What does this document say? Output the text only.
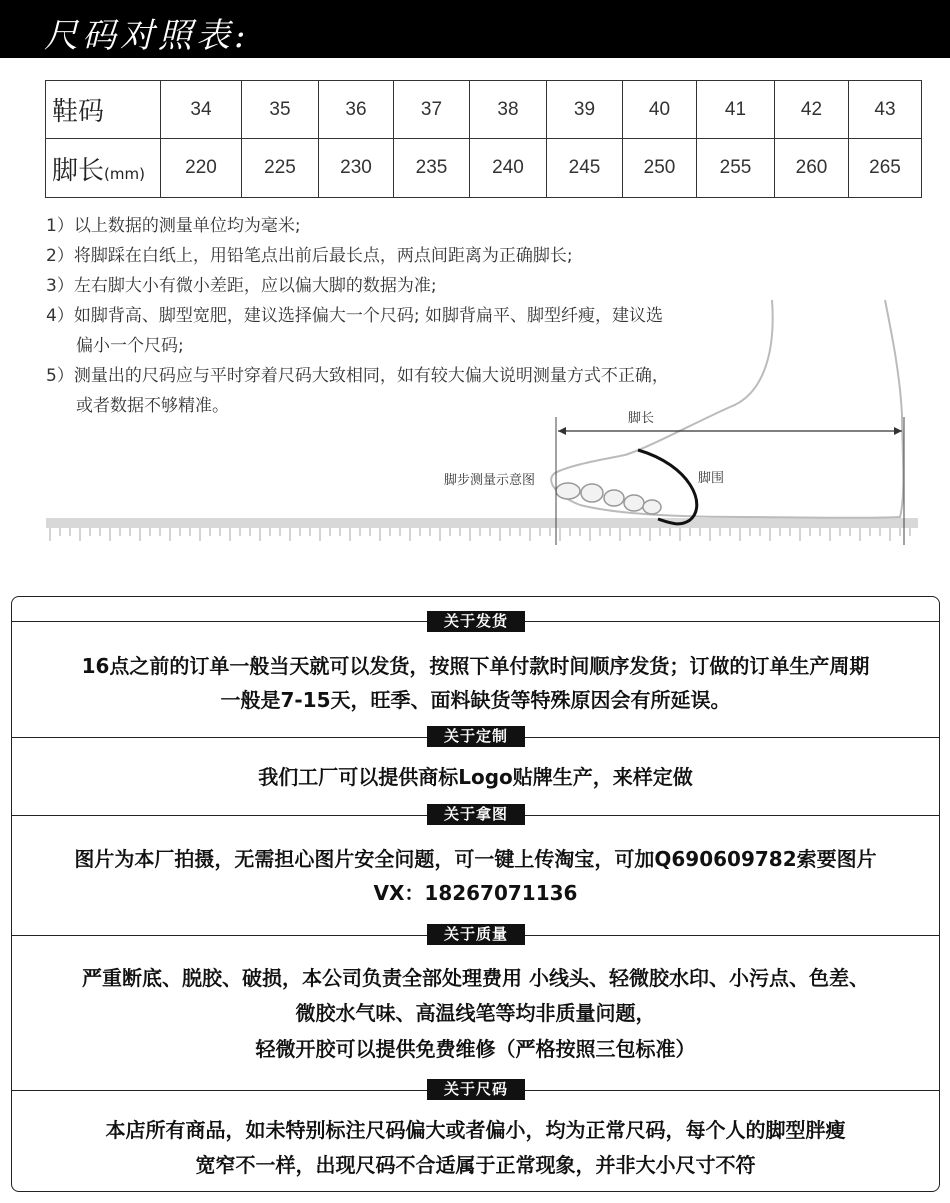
尺码对照表:
鞋码	34	35	36	37	38	39	40	41	42	43
脚长(mm)	220	225	230	235	240	245	250	255	260	265
1）以上数据的测量单位均为毫米;
2）将脚踩在白纸上，用铅笔点出前后最长点，两点间距离为正确脚长;
3）左右脚大小有微小差距，应以偏大脚的数据为准;
4）如脚背高、脚型宽肥，建议选择偏大一个尺码; 如脚背扁平、脚型纤瘦，建议选
偏小一个尺码;
5）测量出的尺码应与平时穿着尺码大致相同，如有较大偏大说明测量方式不正确，
或者数据不够精准。
脚长
脚围
脚步测量示意图
关于发货
16点之前的订单一般当天就可以发货，按照下单付款时间顺序发货；订做的订单生产周期
一般是7-15天，旺季、面料缺货等特殊原因会有所延误。
关于定制
我们工厂可以提供商标Logo贴牌生产，来样定做
关于拿图
图片为本厂拍摄，无需担心图片安全问题，可一键上传淘宝，可加Q690609782索要图片
VX：18267071136
关于质量
严重断底、脱胶、破损，本公司负责全部处理费用 小线头、轻微胶水印、小污点、色差、
微胶水气味、高温线笔等均非质量问题，
轻微开胶可以提供免费维修（严格按照三包标准）
关于尺码
本店所有商品，如未特别标注尺码偏大或者偏小，均为正常尺码，每个人的脚型胖瘦
宽窄不一样，出现尺码不合适属于正常现象，并非大小尺寸不符
